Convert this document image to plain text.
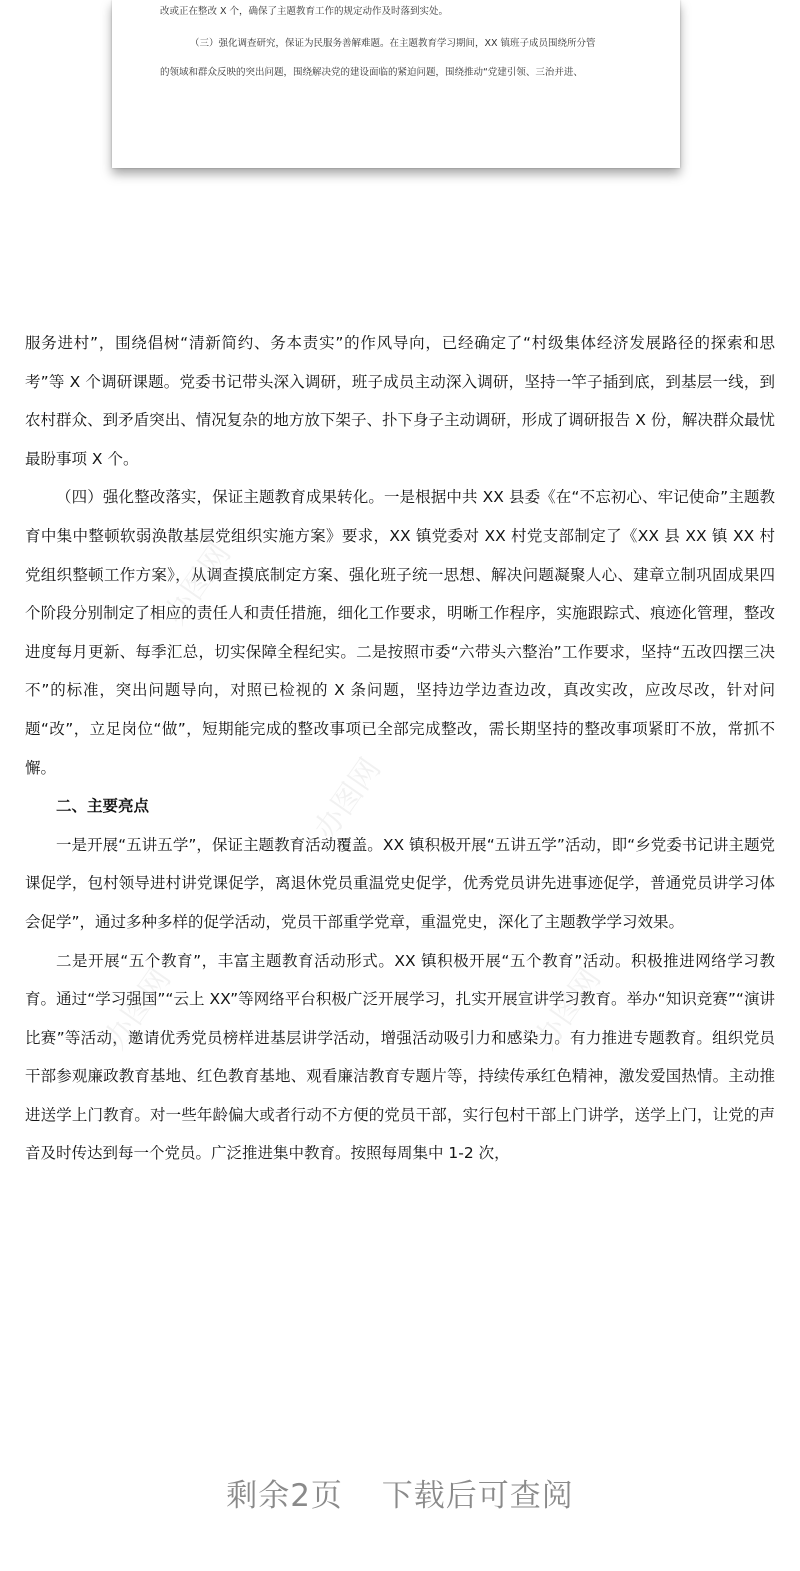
改或正在整改 X 个，确保了主题教育工作的规定动作及时落到实处。

（三）强化调查研究，保证为民服务善解难题。在主题教育学习期间，XX 镇班子成员围绕所分管

的领域和群众反映的突出问题，围绕解决党的建设面临的紧迫问题，围绕推动“党建引领、三治并进、

服务进村”，围绕倡树“清新简约、务本责实”的作风导向，已经确定了“村级集体经济发展路径的探索和思考”等 X 个调研课题。党委书记带头深入调研，班子成员主动深入调研，坚持一竿子插到底，到基层一线，到农村群众、到矛盾突出、情况复杂的地方放下架子、扑下身子主动调研，形成了调研报告 X 份，解决群众最忧最盼事项 X 个。

（四）强化整改落实，保证主题教育成果转化。一是根据中共 XX 县委《在“不忘初心、牢记使命”主题教育中集中整顿软弱涣散基层党组织实施方案》要求，XX 镇党委对 XX 村党支部制定了《XX 县 XX 镇 XX 村党组织整顿工作方案》，从调查摸底制定方案、强化班子统一思想、解决问题凝聚人心、建章立制巩固成果四个阶段分别制定了相应的责任人和责任措施，细化工作要求，明晰工作程序，实施跟踪式、痕迹化管理，整改进度每月更新、每季汇总，切实保障全程纪实。二是按照市委“六带头六整治”工作要求，坚持“五改四摆三决不”的标准，突出问题导向，对照已检视的 X 条问题，坚持边学边查边改，真改实改，应改尽改，针对问题“改”，立足岗位“做”，短期能完成的整改事项已全部完成整改，需长期坚持的整改事项紧盯不放，常抓不懈。

二、主要亮点

一是开展“五讲五学”，保证主题教育活动覆盖。XX 镇积极开展“五讲五学”活动，即“乡党委书记讲主题党课促学，包村领导进村讲党课促学，离退休党员重温党史促学，优秀党员讲先进事迹促学，普通党员讲学习体会促学”，通过多种多样的促学活动，党员干部重学党章，重温党史，深化了主题教学学习效果。

二是开展“五个教育”，丰富主题教育活动形式。XX 镇积极开展“五个教育”活动。积极推进网络学习教育。通过“学习强国”“云上 XX”等网络平台积极广泛开展学习，扎实开展宣讲学习教育。举办“知识竞赛”“演讲比赛”等活动，邀请优秀党员榜样进基层讲学活动，增强活动吸引力和感染力。有力推进专题教育。组织党员干部参观廉政教育基地、红色教育基地、观看廉洁教育专题片等，持续传承红色精神，激发爱国热情。主动推进送学上门教育。对一些年龄偏大或者行动不方便的党员干部，实行包村干部上门讲学，送学上门，让党的声音及时传达到每一个党员。广泛推进集中教育。按照每周集中 1-2 次，

办图网
办图网
办图网	办图网
剩余2页 下载后可查阅
